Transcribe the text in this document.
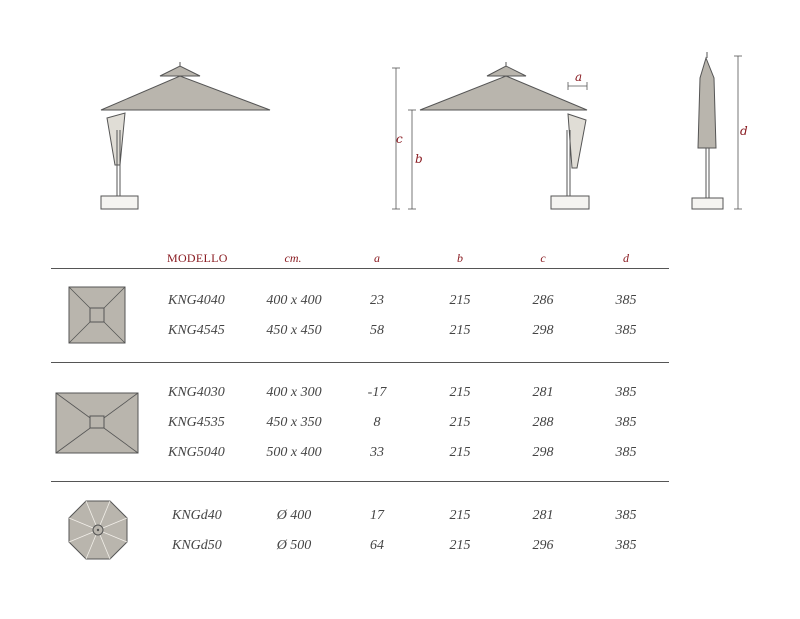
c
b
a
d
MODELLO	cm.	a	b	c	d
KNG4040	400 x 400	23	215	286	385
KNG4545	450 x 450	58	215	298	385
KNG4030	400 x 300	-17	215	281	385
KNG4535	450 x 350	8	215	288	385
KNG5040	500 x 400	33	215	298	385
KNGd40	Ø 400	17	215	281	385
KNGd50	Ø 500	64	215	296	385
